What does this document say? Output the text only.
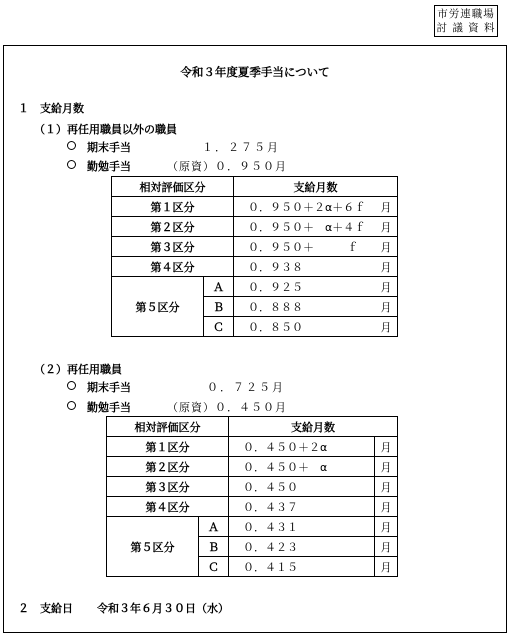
市労連職場
討 議 資 料
令和３年度夏季手当について
１　支給月数
（１）再任用職員以外の職員
期末手当	１．２７５月
勤勉手当	（原資）０．９５０月
相対評価区分		支給月数	
第１区分		０．９５０＋２α＋６ｆ	月
第２区分		０．９５０＋　α＋４ｆ	月
第３区分		０．９５０＋　　　ｆ	月
第４区分		０．９３８	月
第５区分	Ａ	０．９２５	月
	Ｂ	０．８８８	月
	Ｃ	０．８５０	月
（２）再任用職員
期末手当	０．７２５月
勤勉手当	（原資）０．４５０月
相対評価区分		支給月数	
第１区分		０．４５０＋２α	月
第２区分		０．４５０＋　α	月
第３区分		０．４５０	月
第４区分		０．４３７	月
第５区分	Ａ	０．４３１	月
	Ｂ	０．４２３	月
	Ｃ	０．４１５	月
２　支給日 令和３年６月３０日（水）
